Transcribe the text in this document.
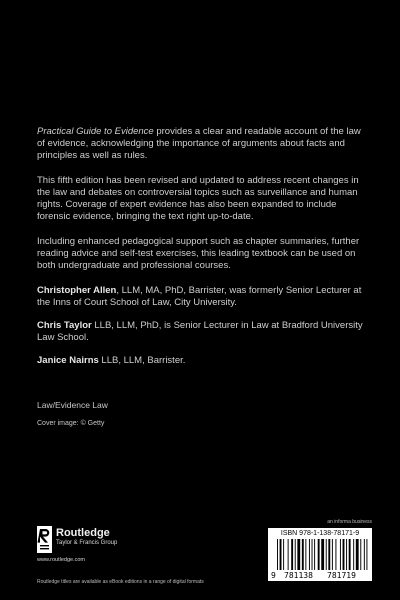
Practical Guide to Evidence provides a clear and readable account of the law of evidence, acknowledging the importance of arguments about facts and principles as well as rules.

This fifth edition has been revised and updated to address recent changes in the law and debates on controversial topics such as surveillance and human rights. Coverage of expert evidence has also been expanded to include forensic evidence, bringing the text right up-to-date.

Including enhanced pedagogical support such as chapter summaries, further reading advice and self-test exercises, this leading textbook can be used on both undergraduate and professional courses.

Christopher Allen, LLM, MA, PhD, Barrister, was formerly Senior Lecturer at the Inns of Court School of Law, City University.

Chris Taylor LLB, LLM, PhD, is Senior Lecturer in Law at Bradford University Law School.

Janice Nairns LLB, LLM, Barrister.

Law/Evidence Law
Cover image: © Getty
Routledge
Taylor & Francis Group
www.routledge.com
Routledge titles are available as eBook editions in a range of digital formats
an informa business
ISBN 978-1-138-78171-9
9 781138 781719
